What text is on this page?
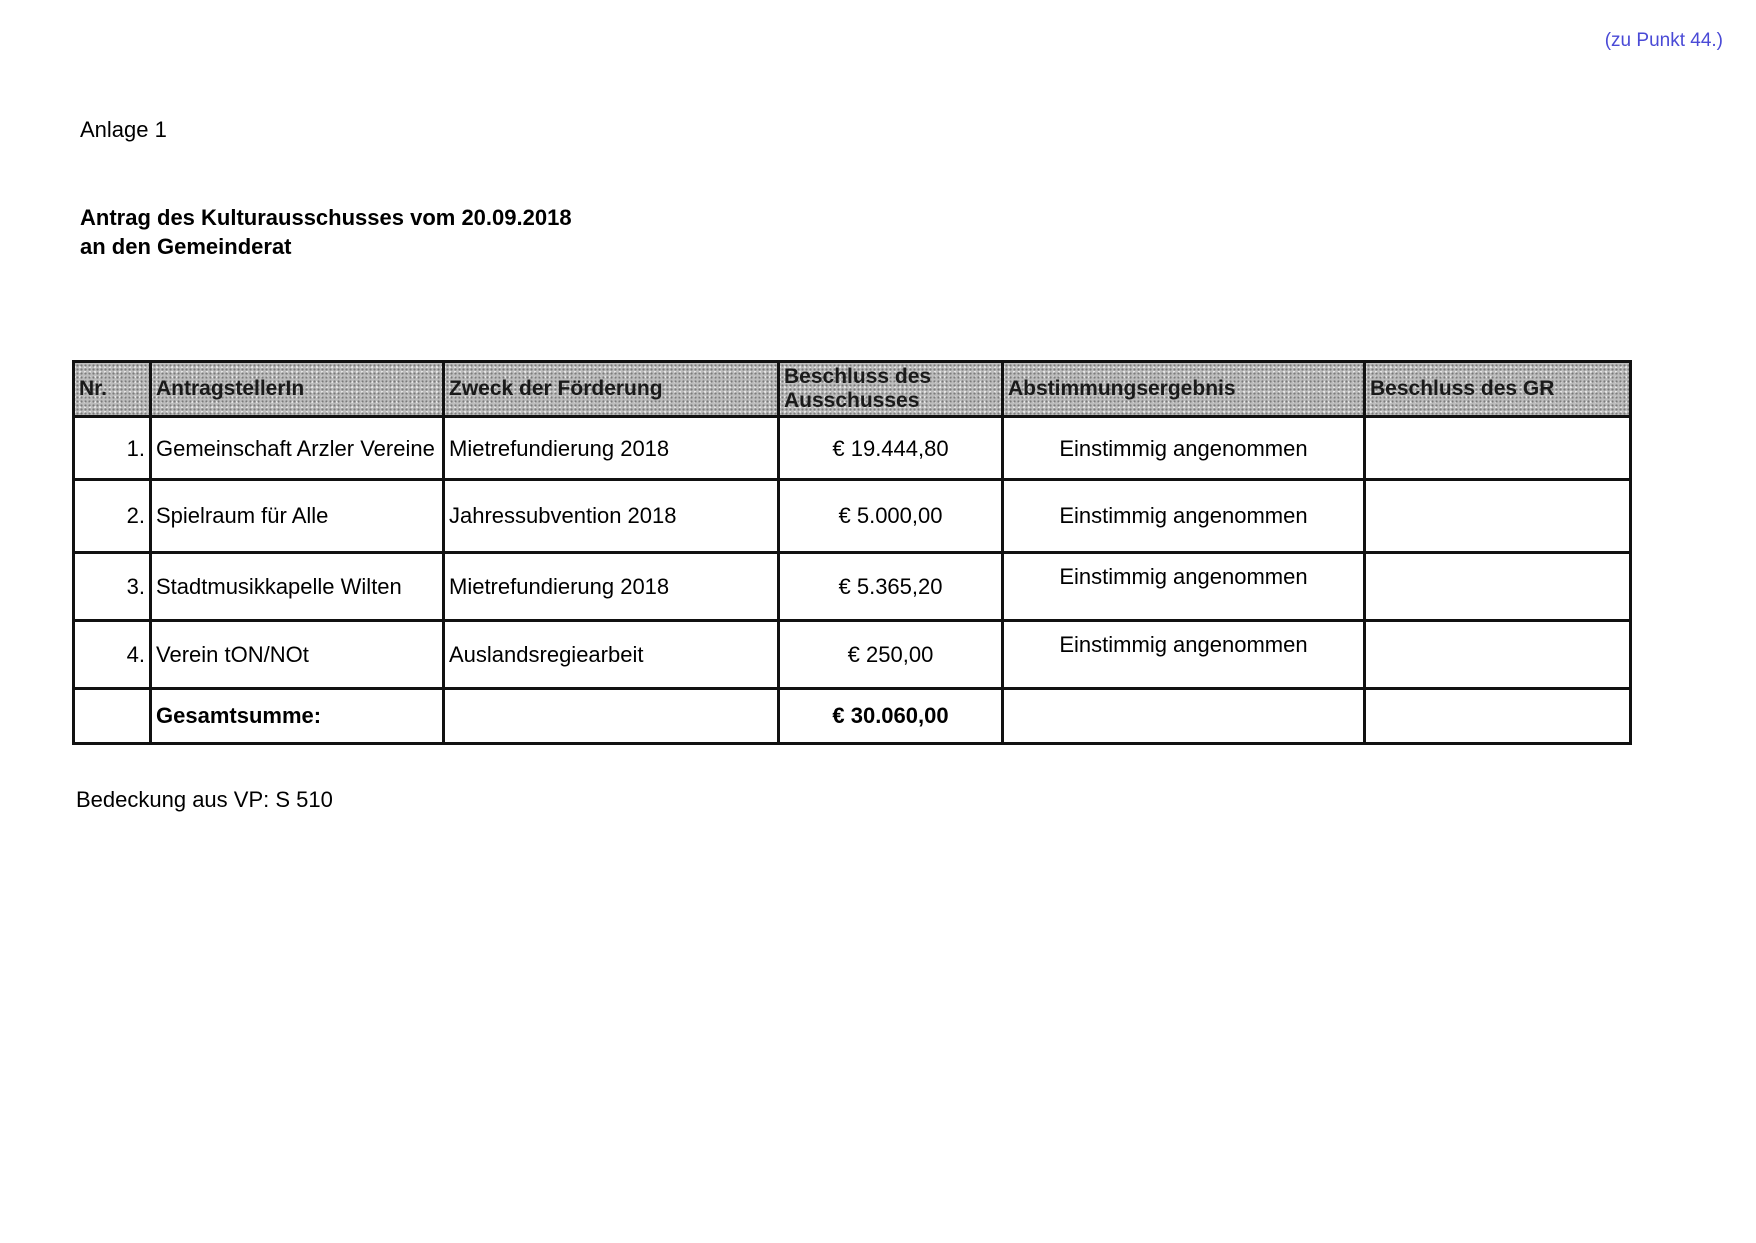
(zu Punkt 44.)
Anlage 1
Antrag des Kulturausschusses vom 20.09.2018
an den Gemeinderat
Nr.	AntragstellerIn	Zweck der Förderung	Beschluss des Ausschusses	Abstimmungsergebnis	Beschluss des GR
1.	Gemeinschaft Arzler Vereine	Mietrefundierung 2018	€ 19.444,80	Einstimmig angenommen	
2.	Spielraum für Alle	Jahressubvention 2018	€ 5.000,00	Einstimmig angenommen	
3.	Stadtmusikkapelle Wilten	Mietrefundierung 2018	€ 5.365,20	Einstimmig angenommen	
4.	Verein tON/NOt	Auslandsregiearbeit	€ 250,00	Einstimmig angenommen	
	Gesamtsumme:		€ 30.060,00		
Bedeckung aus VP: S 510
